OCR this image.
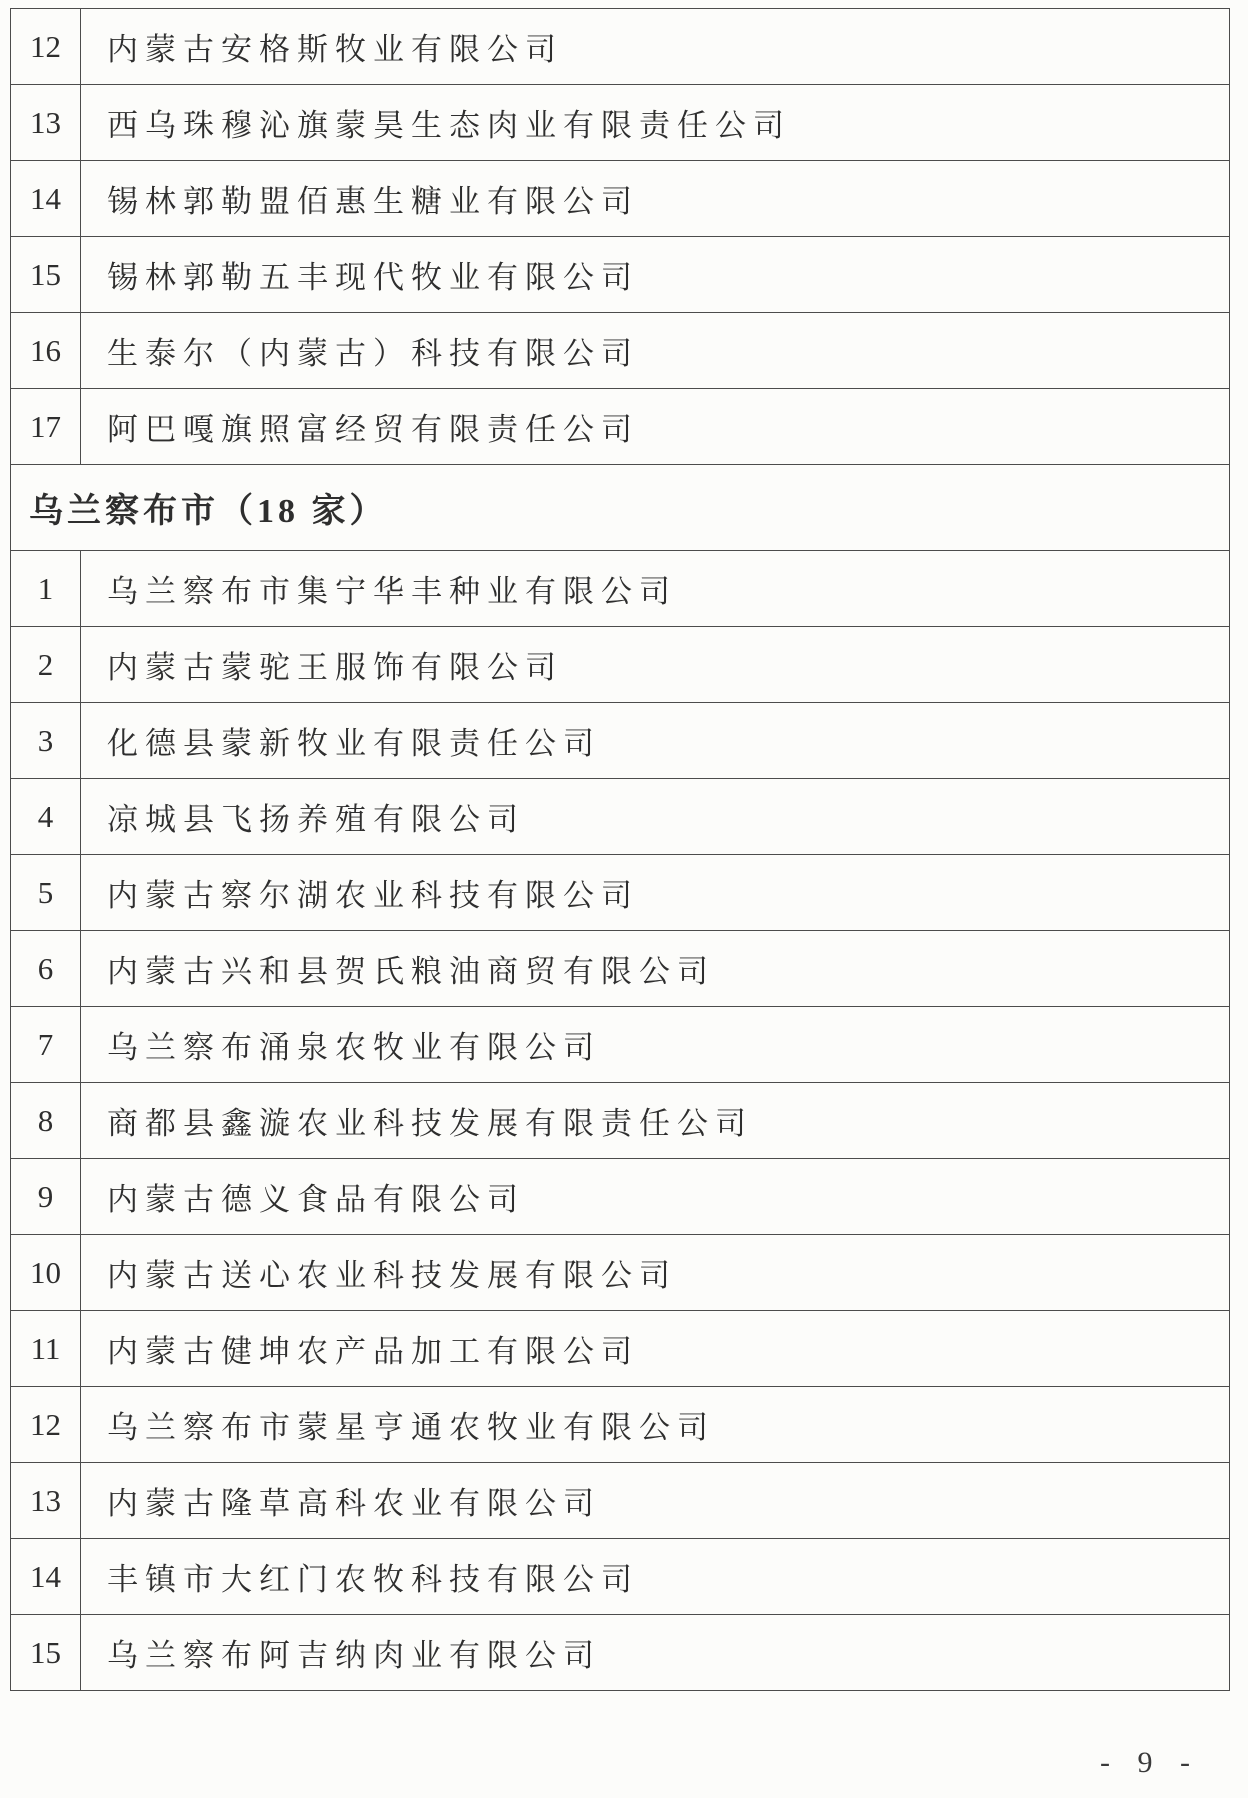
12	内蒙古安格斯牧业有限公司
13	西乌珠穆沁旗蒙昊生态肉业有限责任公司
14	锡林郭勒盟佰惠生糖业有限公司
15	锡林郭勒五丰现代牧业有限公司
16	生泰尔（内蒙古）科技有限公司
17	阿巴嘎旗照富经贸有限责任公司
乌兰察布市（18 家）	
1	乌兰察布市集宁华丰种业有限公司
2	内蒙古蒙驼王服饰有限公司
3	化德县蒙新牧业有限责任公司
4	凉城县飞扬养殖有限公司
5	内蒙古察尔湖农业科技有限公司
6	内蒙古兴和县贺氏粮油商贸有限公司
7	乌兰察布涌泉农牧业有限公司
8	商都县鑫漩农业科技发展有限责任公司
9	内蒙古德义食品有限公司
10	内蒙古送心农业科技发展有限公司
11	内蒙古健坤农产品加工有限公司
12	乌兰察布市蒙星亨通农牧业有限公司
13	内蒙古隆草高科农业有限公司
14	丰镇市大红门农牧科技有限公司
15	乌兰察布阿吉纳肉业有限公司
- 9 -
